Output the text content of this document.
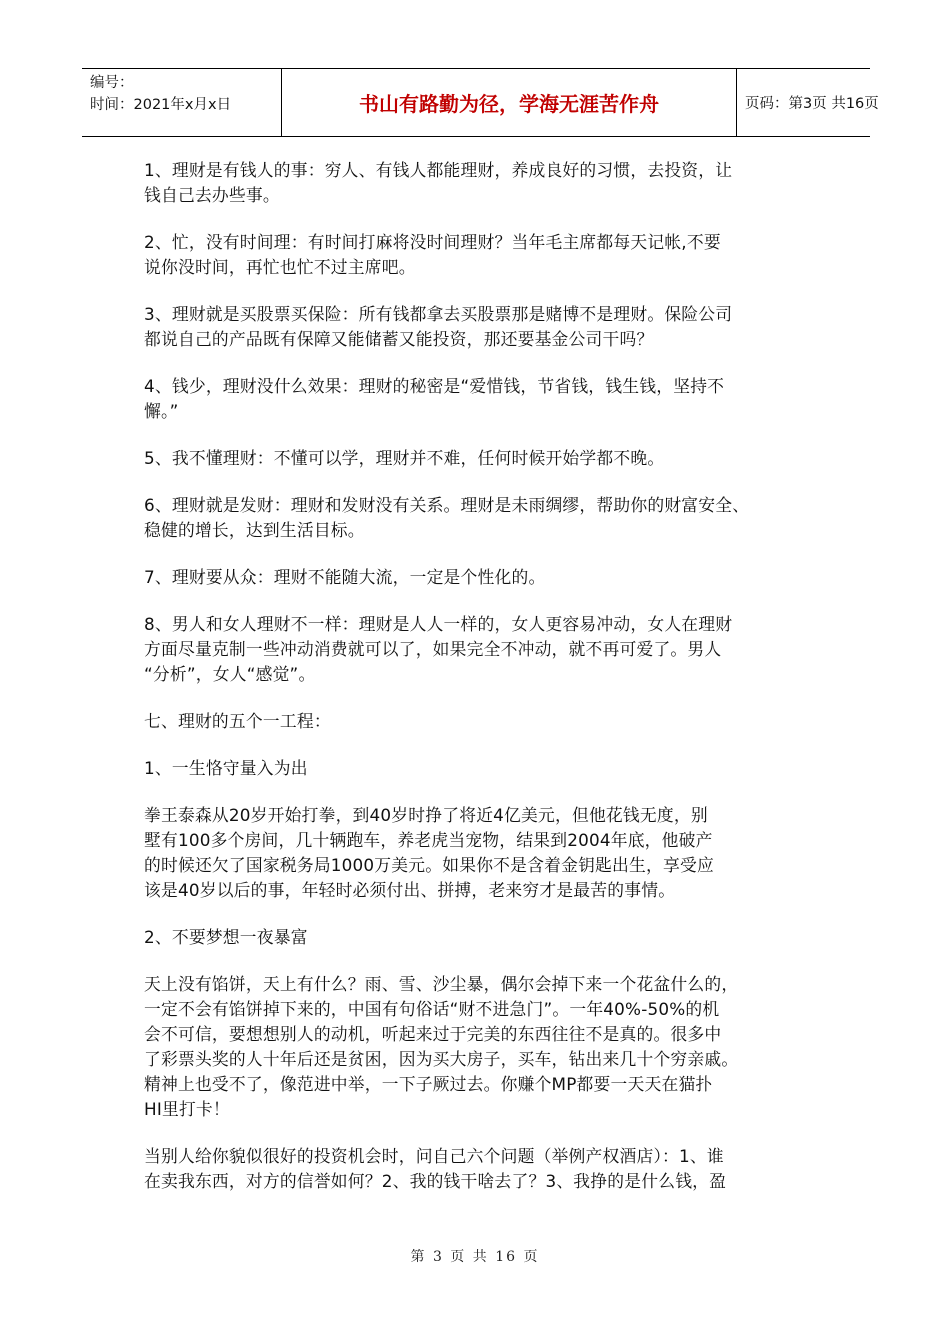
编号：
时间：2021年x月x日	书山有路勤为径，学海无涯苦作舟	页码：第3页 共16页

1、理财是有钱人的事：穷人、有钱人都能理财，养成良好的习惯，去投资，让
钱自己去办些事。

2、忙，没有时间理：有时间打麻将没时间理财？当年毛主席都每天记帐,不要
说你没时间，再忙也忙不过主席吧。

3、理财就是买股票买保险：所有钱都拿去买股票那是赌博不是理财。保险公司
都说自己的产品既有保障又能储蓄又能投资，那还要基金公司干吗？

4、钱少，理财没什么效果：理财的秘密是“爱惜钱，节省钱，钱生钱，坚持不
懈。”

5、我不懂理财：不懂可以学，理财并不难，任何时候开始学都不晚。

6、理财就是发财：理财和发财没有关系。理财是未雨绸缪，帮助你的财富安全、
稳健的增长，达到生活目标。

7、理财要从众：理财不能随大流，一定是个性化的。

8、男人和女人理财不一样：理财是人人一样的，女人更容易冲动，女人在理财
方面尽量克制一些冲动消费就可以了，如果完全不冲动，就不再可爱了。男人
“分析”，女人“感觉”。

七、理财的五个一工程：

1、一生恪守量入为出

拳王泰森从20岁开始打拳，到40岁时挣了将近4亿美元，但他花钱无度，别
墅有100多个房间，几十辆跑车，养老虎当宠物，结果到2004年底，他破产
的时候还欠了国家税务局1000万美元。如果你不是含着金钥匙出生，享受应
该是40岁以后的事，年轻时必须付出、拼搏，老来穷才是最苦的事情。

2、不要梦想一夜暴富

天上没有馅饼，天上有什么？雨、雪、沙尘暴，偶尔会掉下来一个花盆什么的，
一定不会有馅饼掉下来的，中国有句俗话“财不进急门”。一年40%-50%的机
会不可信，要想想别人的动机，听起来过于完美的东西往往不是真的。很多中
了彩票头奖的人十年后还是贫困，因为买大房子，买车，钻出来几十个穷亲戚。
精神上也受不了，像范进中举，一下子厥过去。你赚个MP都要一天天在猫扑
HI里打卡！

当别人给你貌似很好的投资机会时，问自己六个问题（举例产权酒店）：1、谁
在卖我东西，对方的信誉如何？2、我的钱干啥去了？3、我挣的是什么钱，盈

第 3 页 共 16 页
